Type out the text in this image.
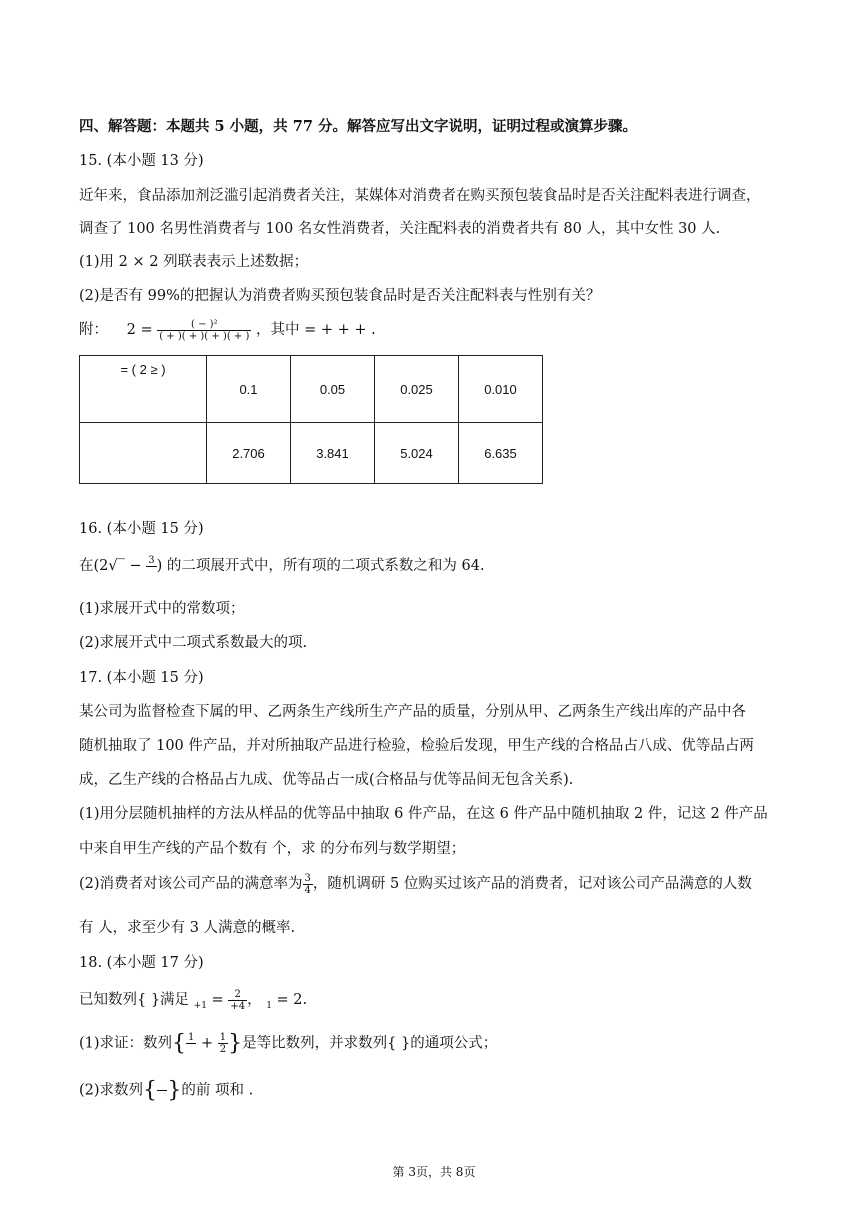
四、解答题：本题共 5 小题，共 77 分。解答应写出文字说明，证明过程或演算步骤。
15. (本小题 13 分)
近年来，食品添加剂泛滥引起消费者关注，某媒体对消费者在购买预包装食品时是否关注配料表进行调查，
调查了 100 名男性消费者与 100 名女性消费者，关注配料表的消费者共有 80 人，其中女性 30 人.
(1)用 2 × 2 列联表表示上述数据；
(2)是否有 99%的把握认为消费者购买预包装食品时是否关注配料表与性别有关？
附： $2 = \frac{\text{( − )²}}{( + )( + )( + )( + )}$ ，其中 = + + + .
= ( 2 ≥ )	0.1	0.05	0.025	0.010
	2.706	3.841	5.024	6.635
16. (本小题 15 分)
在(2√‾ − 3 ) 的二项展开式中，所有项的二项式系数之和为 64.
(1)求展开式中的常数项；
(2)求展开式中二项式系数最大的项.
17. (本小题 15 分)
某公司为监督检查下属的甲、乙两条生产线所生产产品的质量，分别从甲、乙两条生产线出库的产品中各
随机抽取了 100 件产品，并对所抽取产品进行检验，检验后发现，甲生产线的合格品占八成、优等品占两
成，乙生产线的合格品占九成、优等品占一成(合格品与优等品间无包含关系).
(1)用分层随机抽样的方法从样品的优等品中抽取 6 件产品，在这 6 件产品中随机抽取 2 件，记这 2 件产品
中来自甲生产线的产品个数有 个，求 的分布列与数学期望；
(2)消费者对该公司产品的满意率为 $\frac{3}{4}$ ，随机调研 5 位购买过该产品的消费者，记对该公司产品满意的人数
有 人，求至少有 3 人满意的概率.
18. (本小题 17 分)
已知数列{ }满足 $_{+1} = \frac{2}{+4}$ ， $_1$ = 2.
(1)求证：数列{ $1 + \frac{1}{2}$ }是等比数列，并求数列{ }的通项公式；
(2)求数列{ ​ }的前 项和 .
第 3页，共 8页
